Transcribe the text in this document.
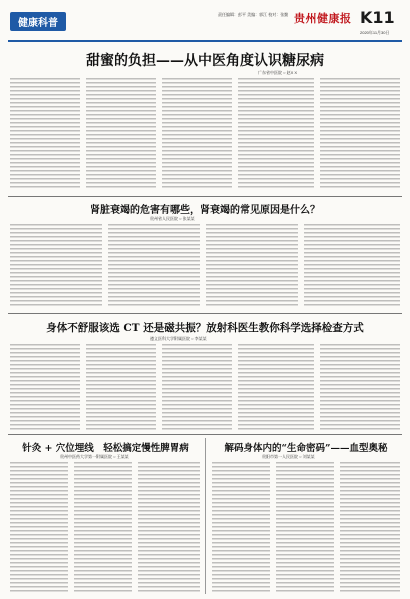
健康科普
责任编辑：彭平 美编：郭江 校对：张勤 贵州健康报 K11
2020年11月30日
甜蜜的负担——从中医角度认识糖尿病
广东省中医院 ○ 赵X X
肾脏衰竭的危害有哪些，肾衰竭的常见原因是什么？
贵州省人民医院 ○ 张某某
身体不舒服该选 CT 还是磁共振？放射科医生教你科学选择检查方式
遵义医科大学附属医院 ○ 李某某
针灸 + 穴位埋线　轻松搞定慢性脾胃病
贵州中医药大学第一附属医院 ○ 王某某
解码身体内的“生命密码”——血型奥秘
贵阳市第一人民医院 ○ 刘某某
